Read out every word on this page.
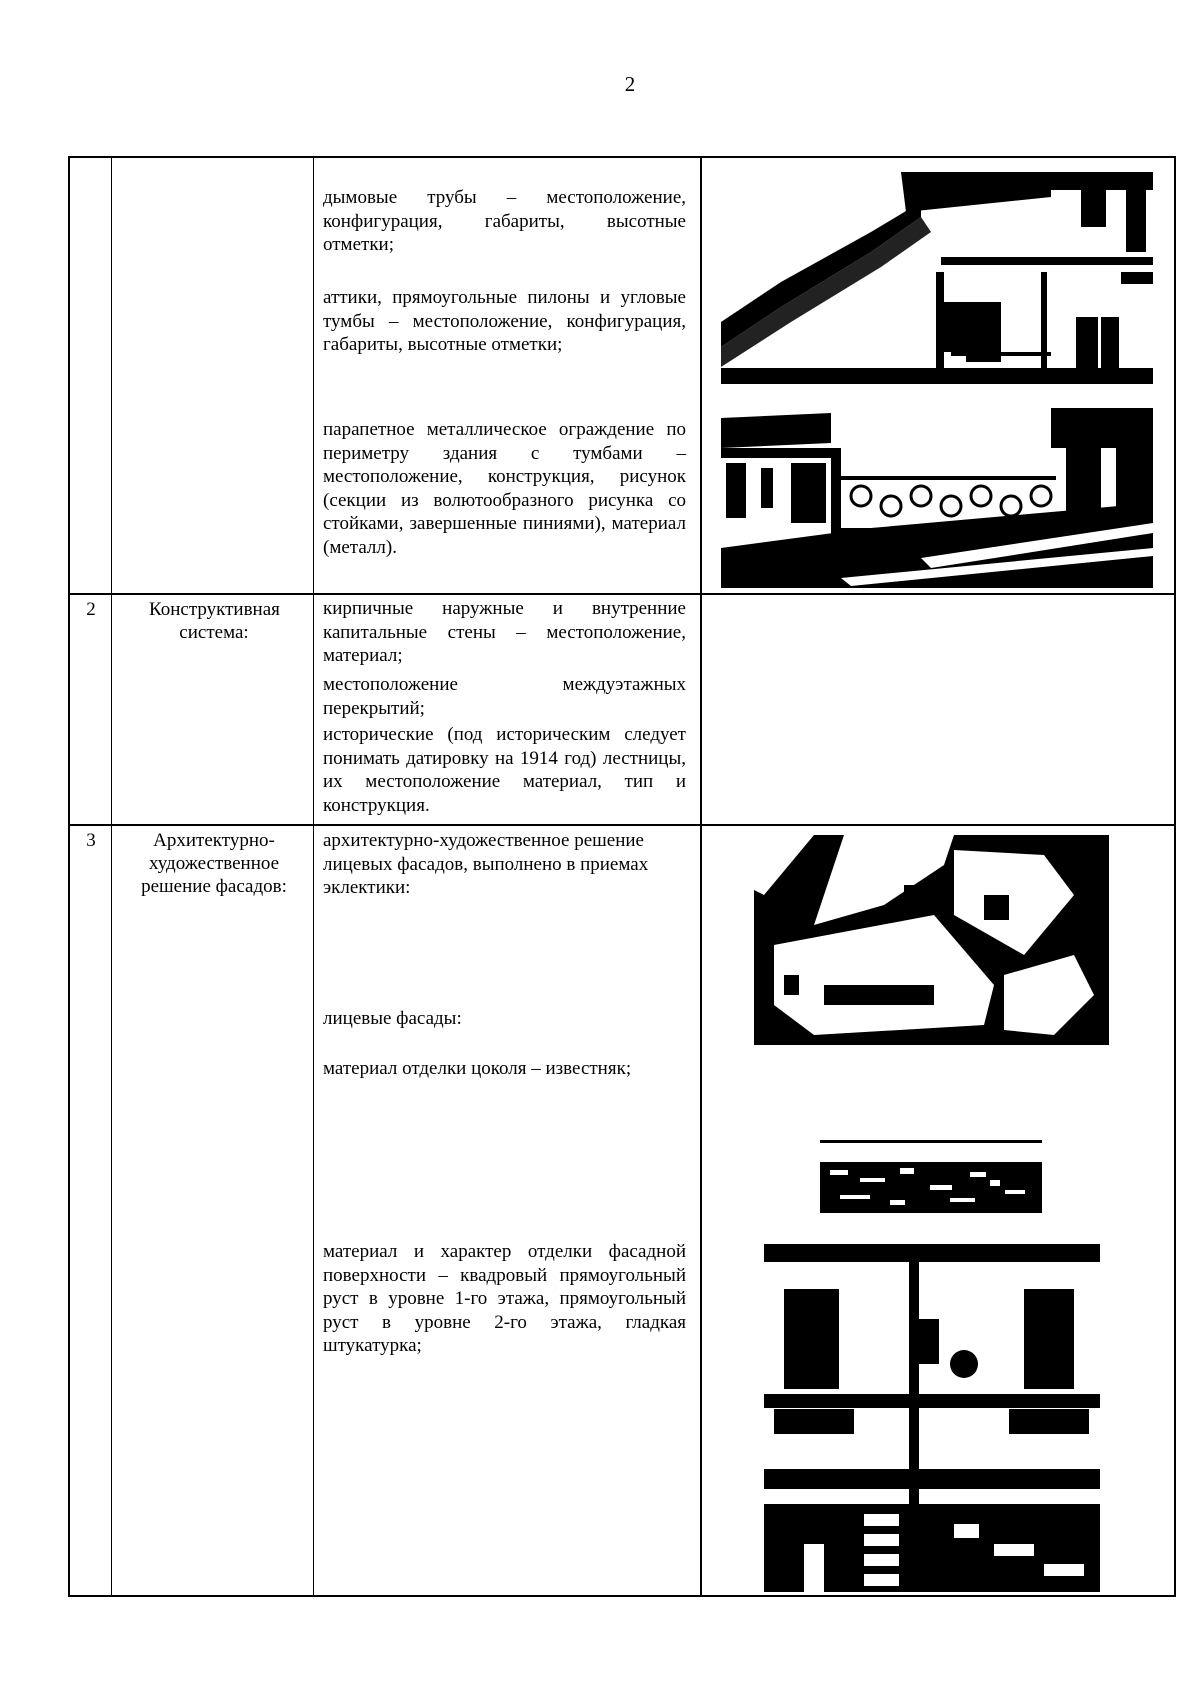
2
дымовые трубы – местоположение, конфигурация, габариты, высотные отметки;
аттики, прямоугольные пилоны и угловые тумбы – местоположение, конфигурация, габариты, высотные отметки;
парапетное металлическое ограждение по периметру здания с тумбами – местоположение, конструкция, рисунок (секции из волютообразного рисунка со стойками, завершенные пиниями), материал (металл).
2	Конструктивная система:
кирпичные наружные и внутренние капитальные стены – местоположение, материал;
местоположение междуэтажных перекрытий;
исторические (под историческим следует понимать датировку на 1914 год) лестницы, их местоположение материал, тип и конструкция.
3	Архитектурно-художественное решение фасадов:
архитектурно-художественное решение лицевых фасадов, выполнено в приемах эклектики:
лицевые фасады:
материал отделки цоколя – известняк;
материал и характер отделки фасадной поверхности – квадровый прямоугольный руст в уровне 1-го этажа, прямоугольный руст в уровне 2-го этажа, гладкая штукатурка;
